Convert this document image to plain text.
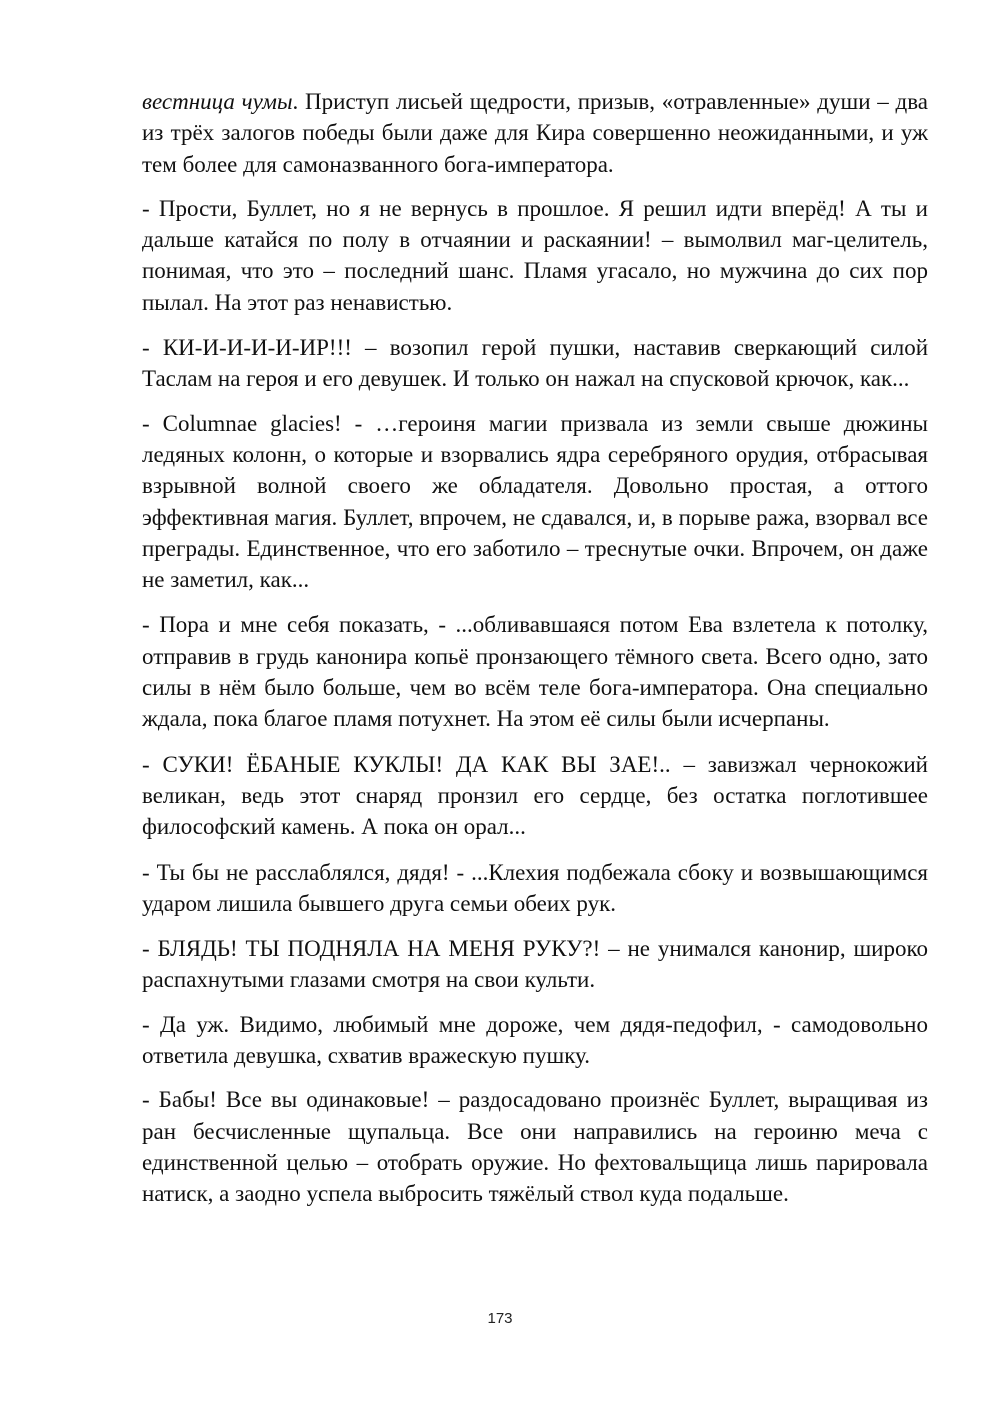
вестница чумы. Приступ лисьей щедрости, призыв, «отравленные» души – два из трёх залогов победы были даже для Кира совершенно неожиданными, и уж тем более для самоназванного бога-императора.

- Прости, Буллет, но я не вернусь в прошлое. Я решил идти вперёд! А ты и дальше катайся по полу в отчаянии и раскаянии! – вымолвил маг-целитель, понимая, что это – последний шанс. Пламя угасало, но мужчина до сих пор пылал. На этот раз ненавистью.

- КИ-И-И-И-И-ИР!!! – возопил герой пушки, наставив сверкающий силой Таслам на героя и его девушек. И только он нажал на спусковой крючок, как...

- Columnae glacies! - …героиня магии призвала из земли свыше дюжины ледяных колонн, о которые и взорвались ядра серебряного орудия, отбрасывая взрывной волной своего же обладателя. Довольно простая, а оттого эффективная магия. Буллет, впрочем, не сдавался, и, в порыве ража, взорвал все преграды. Единственное, что его заботило – треснутые очки. Впрочем, он даже не заметил, как...

- Пора и мне себя показать, - ...обливавшаяся потом Ева взлетела к потолку, отправив в грудь канонира копьё пронзающего тёмного света. Всего одно, зато силы в нём было больше, чем во всём теле бога-императора. Она специально ждала, пока благое пламя потухнет. На этом её силы были исчерпаны.

- СУКИ! ЁБАНЫЕ КУКЛЫ! ДА КАК ВЫ ЗАЕ!.. – завизжал чернокожий великан, ведь этот снаряд пронзил его сердце, без остатка поглотившее философский камень. А пока он орал...

- Ты бы не расслаблялся, дядя! - ...Клехия подбежала сбоку и возвышающимся ударом лишила бывшего друга семьи обеих рук.

- БЛЯДЬ! ТЫ ПОДНЯЛА НА МЕНЯ РУКУ?! – не унимался канонир, широко распахнутыми глазами смотря на свои культи.

- Да уж. Видимо, любимый мне дороже, чем дядя-педофил, - самодовольно ответила девушка, схватив вражескую пушку.

- Бабы! Все вы одинаковые! – раздосадовано произнёс Буллет, выращивая из ран бесчисленные щупальца. Все они направились на героиню меча с единственной целью – отобрать оружие. Но фехтовальщица лишь парировала натиск, а заодно успела выбросить тяжёлый ствол куда подальше.

173
